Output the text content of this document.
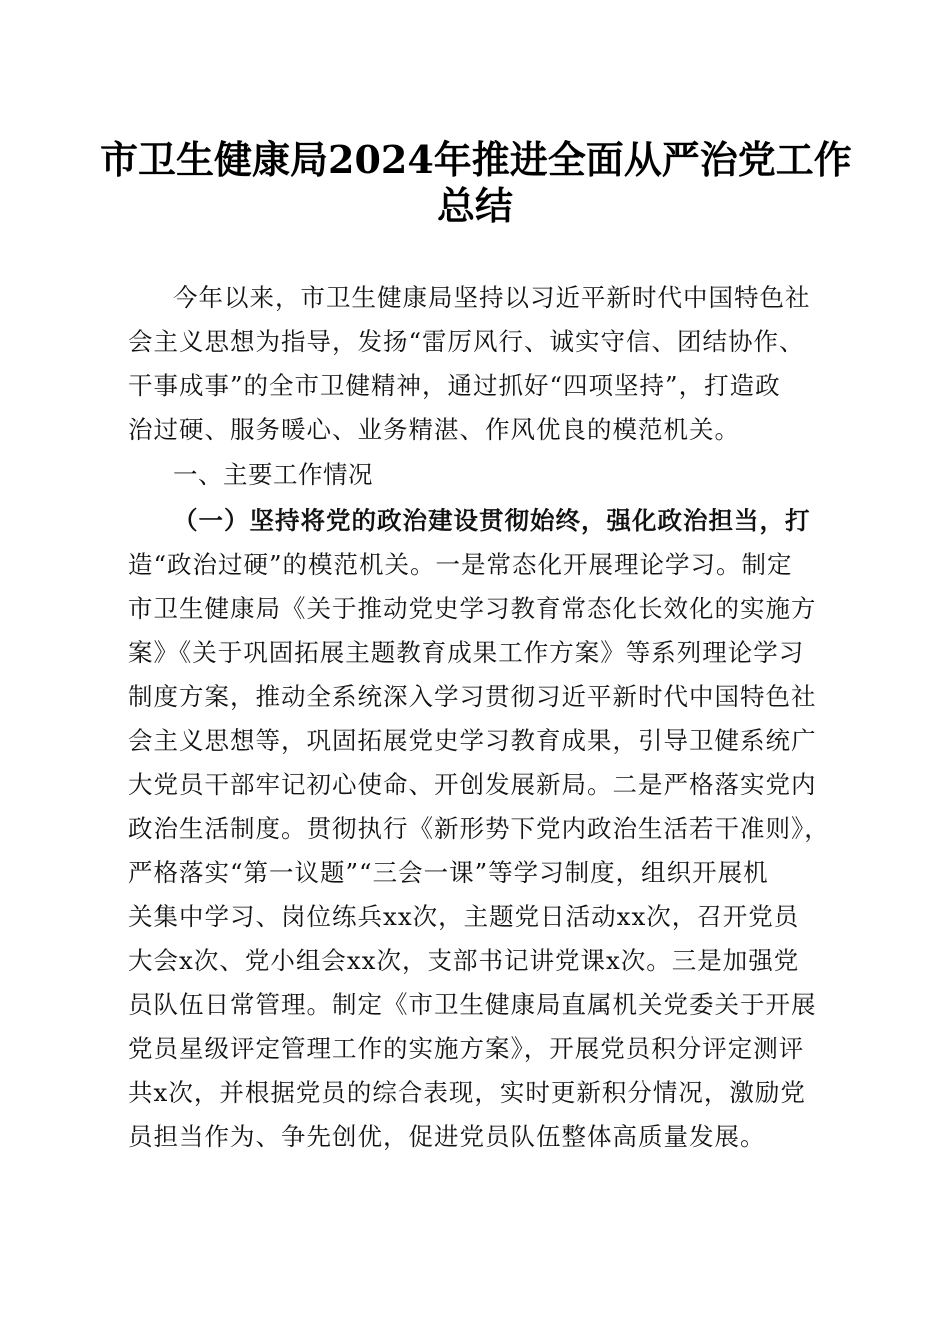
市卫生健康局2024年推进全面从严治党工作
总结
今年以来，市卫生健康局坚持以习近平新时代中国特色社
会主义思想为指导，发扬“雷厉风行、诚实守信、团结协作、
干事成事”的全市卫健精神，通过抓好“四项坚持”，打造政
治过硬、服务暖心、业务精湛、作风优良的模范机关。
一、主要工作情况
（一）坚持将党的政治建设贯彻始终，强化政治担当，打
造“政治过硬”的模范机关。一是常态化开展理论学习。制定
市卫生健康局《关于推动党史学习教育常态化长效化的实施方
案》《关于巩固拓展主题教育成果工作方案》等系列理论学习
制度方案，推动全系统深入学习贯彻习近平新时代中国特色社
会主义思想等，巩固拓展党史学习教育成果，引导卫健系统广
大党员干部牢记初心使命、开创发展新局。二是严格落实党内
政治生活制度。贯彻执行《新形势下党内政治生活若干准则》，
严格落实“第一议题”“三会一课”等学习制度，组织开展机
关集中学习、岗位练兵xx次，主题党日活动xx次，召开党员
大会x次、党小组会xx次，支部书记讲党课x次。三是加强党
员队伍日常管理。制定《市卫生健康局直属机关党委关于开展
党员星级评定管理工作的实施方案》，开展党员积分评定测评
共x次，并根据党员的综合表现，实时更新积分情况，激励党
员担当作为、争先创优，促进党员队伍整体高质量发展。
